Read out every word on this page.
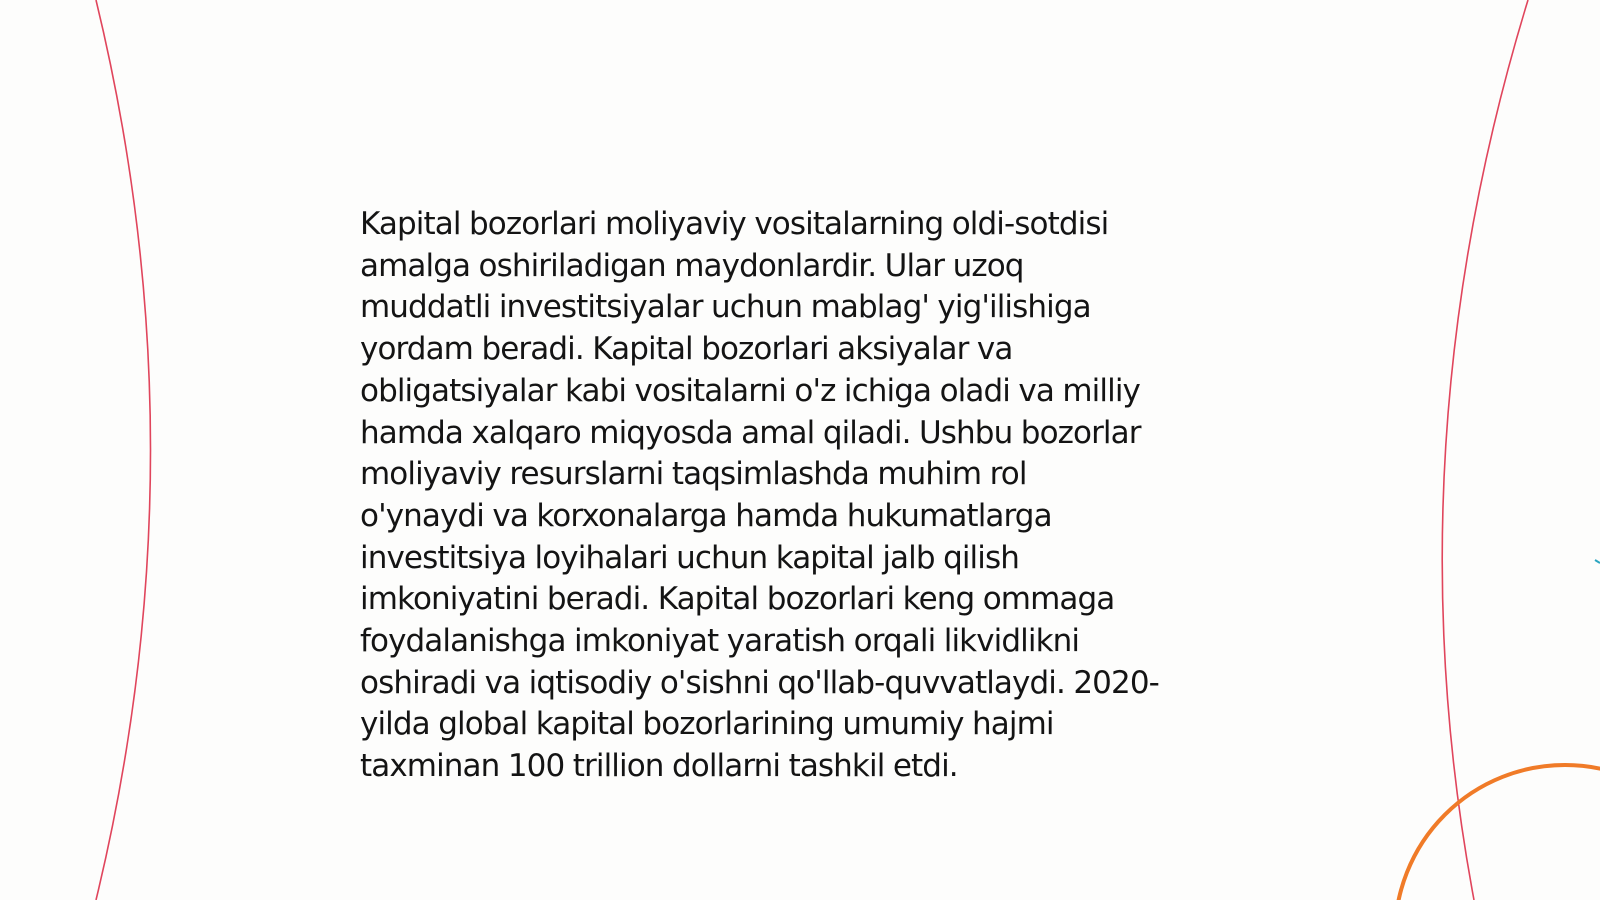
Kapital bozorlari moliyaviy vositalarning oldi-sotdisi
amalga oshiriladigan maydonlardir. Ular uzoq
muddatli investitsiyalar uchun mablag' yig'ilishiga
yordam beradi. Kapital bozorlari aksiyalar va
obligatsiyalar kabi vositalarni o'z ichiga oladi va milliy
hamda xalqaro miqyosda amal qiladi. Ushbu bozorlar
moliyaviy resurslarni taqsimlashda muhim rol
o'ynaydi va korxonalarga hamda hukumatlarga
investitsiya loyihalari uchun kapital jalb qilish
imkoniyatini beradi. Kapital bozorlari keng ommaga
foydalanishga imkoniyat yaratish orqali likvidlikni
oshiradi va iqtisodiy o'sishni qo'llab-quvvatlaydi. 2020-
yilda global kapital bozorlarining umumiy hajmi
taxminan 100 trillion dollarni tashkil etdi.
